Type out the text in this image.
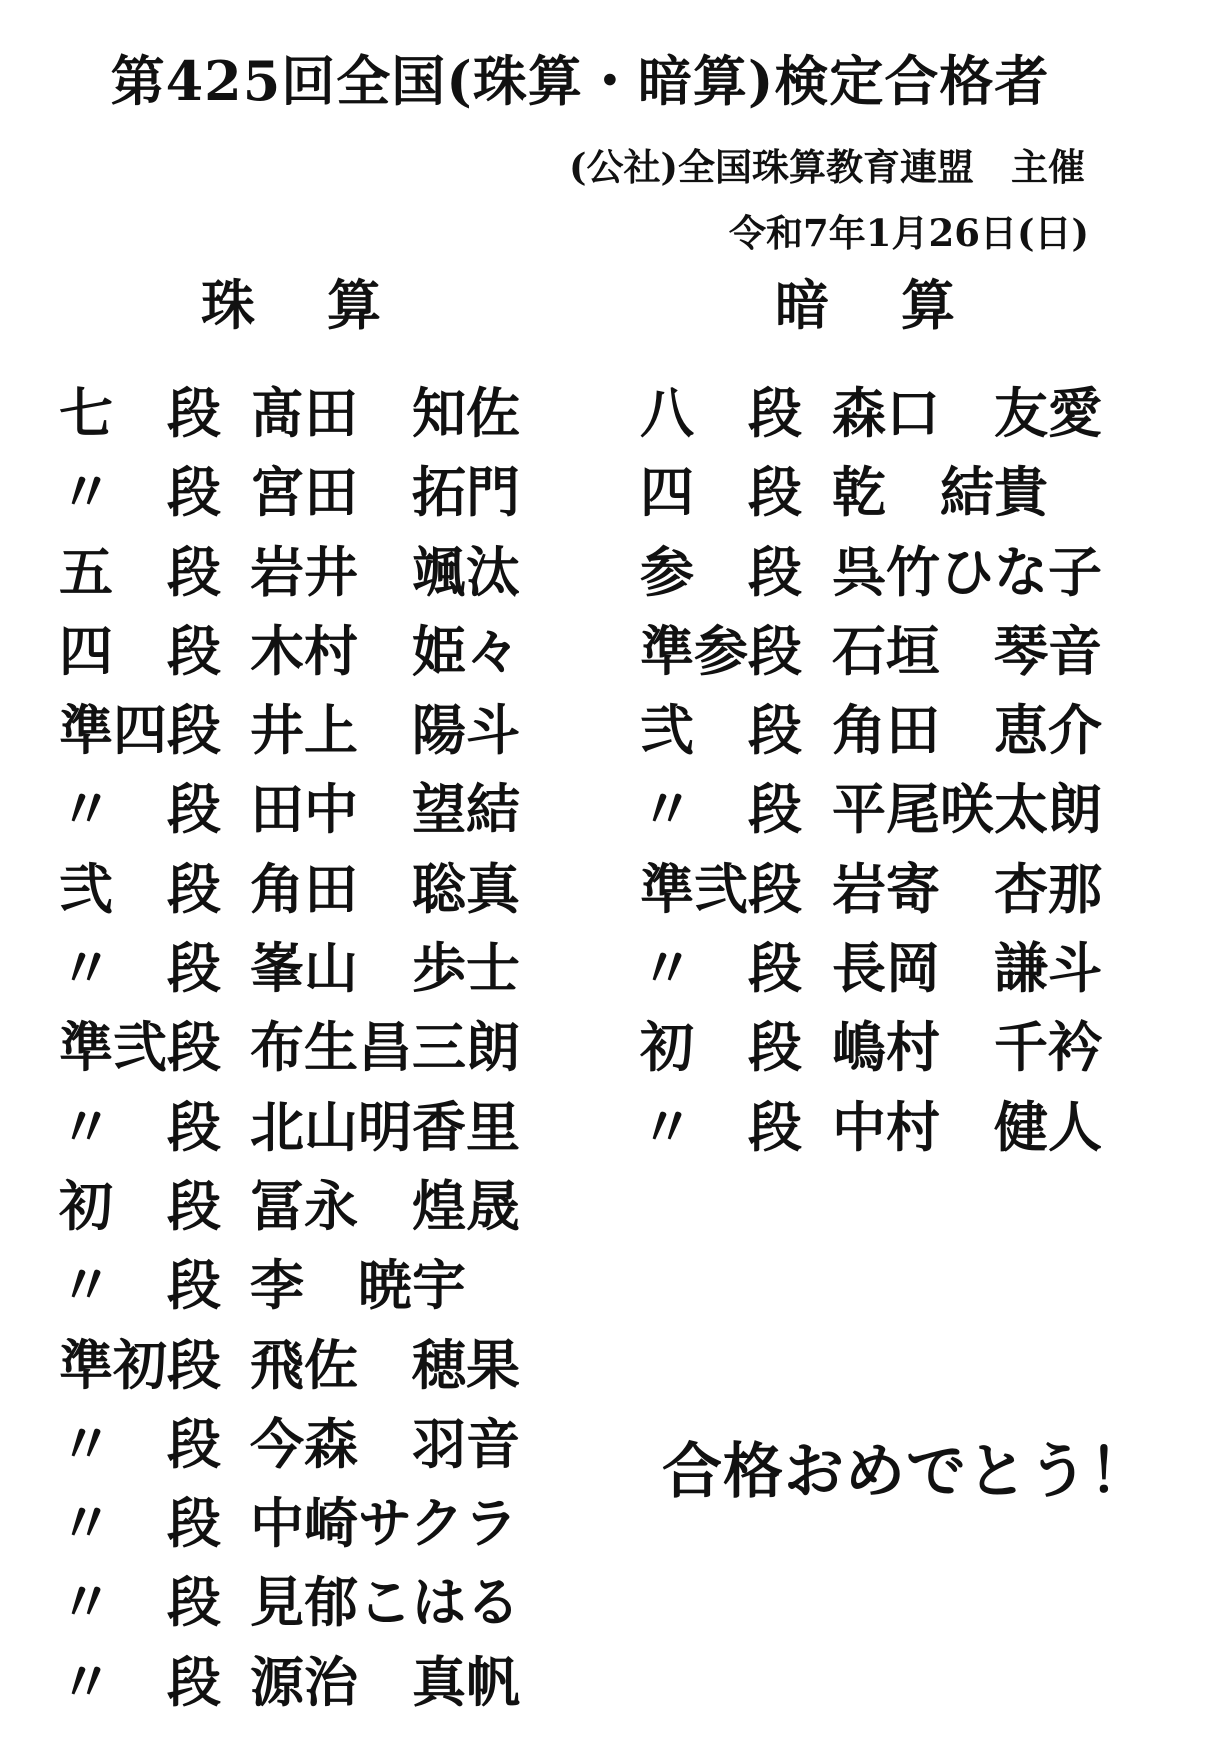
第425回全国(珠算・暗算)検定合格者
(公社)全国珠算教育連盟　主催
令和7年1月26日(日)
珠 算	暗 算
七　段 髙田　知佐
〃　段 宮田　拓門
五　段 岩井　颯汰
四　段 木村　姫々
準四段 井上　陽斗
〃　段 田中　望結
弐　段 角田　聡真
〃　段 峯山　歩士
準弐段 布生昌三朗
〃　段 北山明香里
初　段 冨永　煌晟
〃　段 李　暁宇
準初段 飛佐　穂果
〃　段 今森　羽音
〃　段 中崎サクラ
〃　段 見郁こはる
〃　段 源治　真帆
八　段 森口　友愛
四　段 乾　結貴
参　段 呉竹ひな子
準参段 石垣　琴音
弐　段 角田　恵介
〃　段 平尾咲太朗
準弐段 岩寄　杏那
〃　段 長岡　謙斗
初　段 嶋村　千衿
〃　段 中村　健人
合格おめでとう！
